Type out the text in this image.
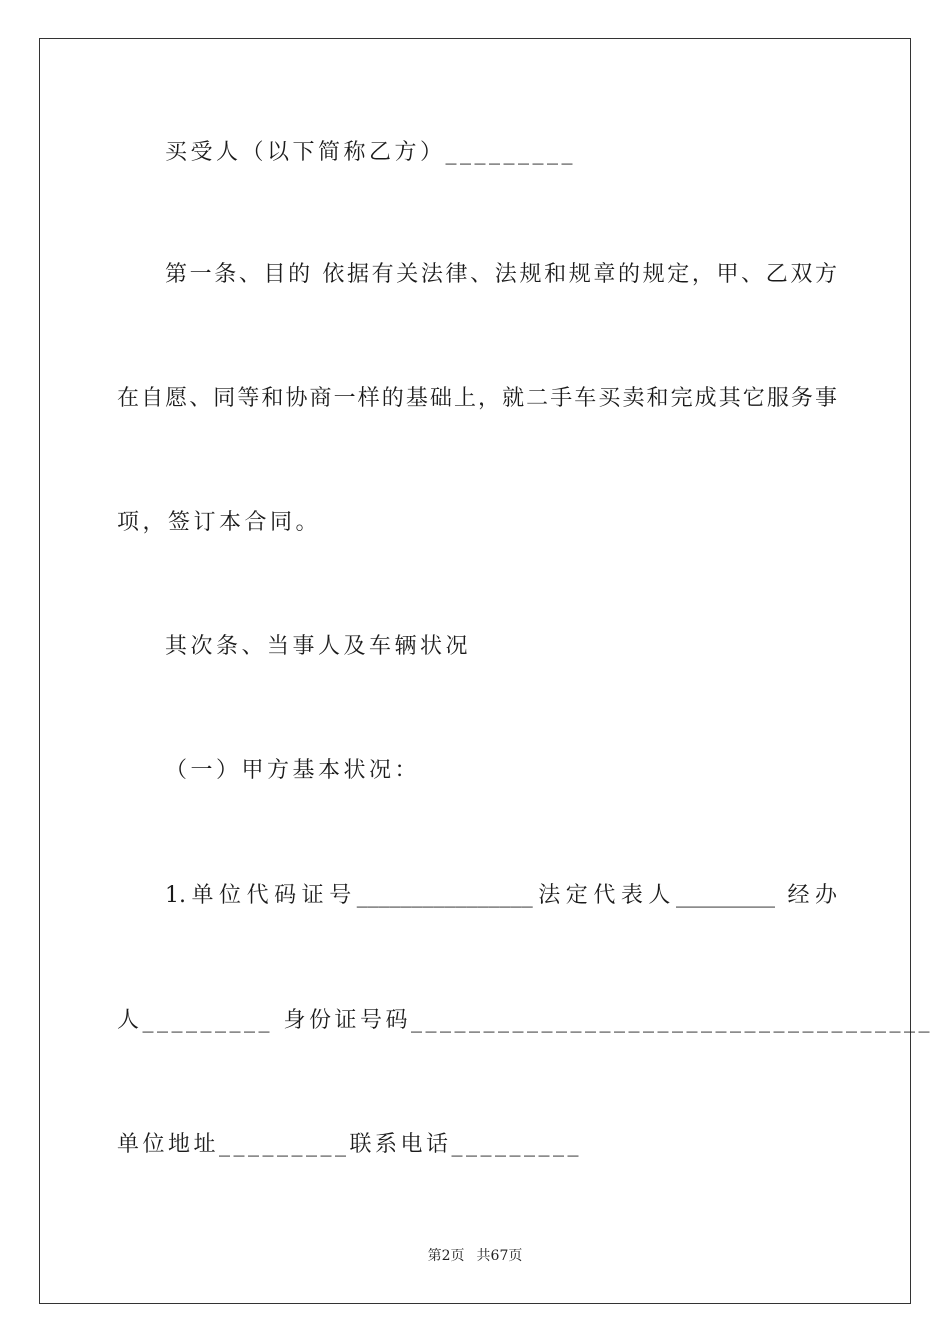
买受人（以下简称乙方）_________
第一条、目的 依据有关法律、法规和规章的规定，甲、乙双方
在自愿、同等和协商一样的基础上，就二手车买卖和完成其它服务事
项，签订本合同。
其次条、当事人及车辆状况
（一）甲方基本状况：
1.单位代码证号________________法定代表人_________ 经办
人_________ 身份证号码____________________________________
单位地址_________联系电话_________
第2页 共67页
